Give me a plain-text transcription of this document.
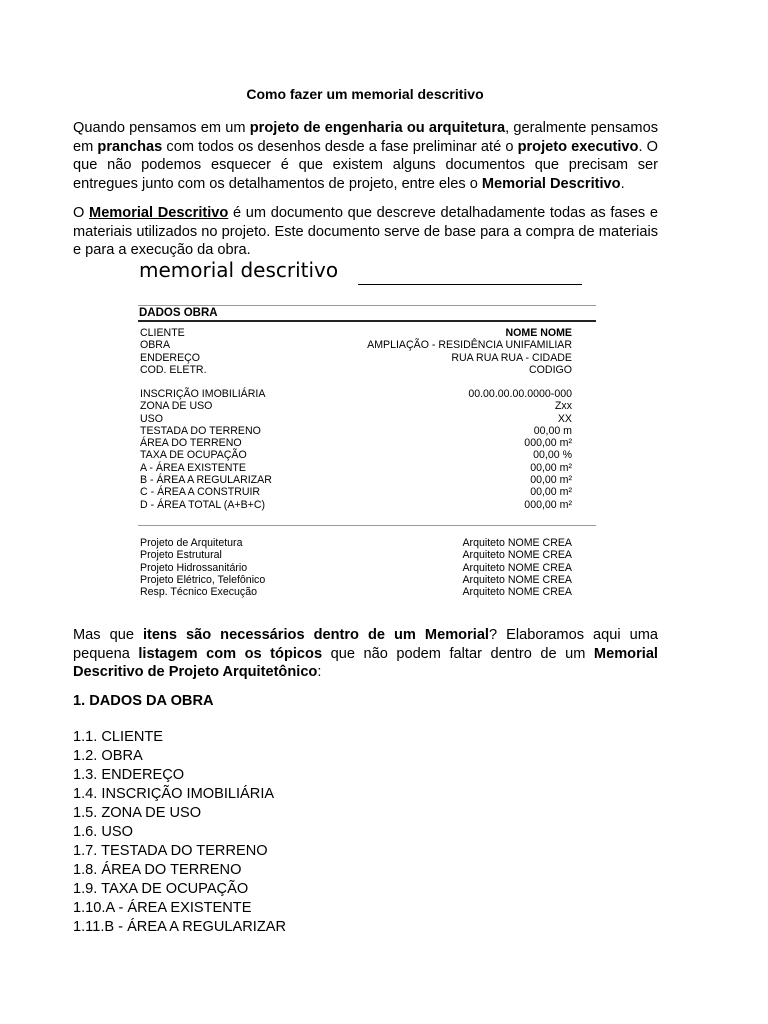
Como fazer um memorial descritivo
Quando pensamos em um projeto de engenharia ou arquitetura, geralmente pensamos em pranchas com todos os desenhos desde a fase preliminar até o projeto executivo. O que não podemos esquecer é que existem alguns documentos que precisam ser entregues junto com os detalhamentos de projeto, entre eles o Memorial Descritivo.
O Memorial Descritivo é um documento que descreve detalhadamente todas as fases e materiais utilizados no projeto. Este documento serve de base para a compra de materiais e para a execução da obra.
memorial descritivo
DADOS OBRA
CLIENTE	NOME NOME
OBRA	AMPLIAÇÃO - RESIDÊNCIA UNIFAMILIAR
ENDEREÇO	RUA RUA RUA - CIDADE
COD. ELETR.	CODIGO
INSCRIÇÃO IMOBILIÁRIA	00.00.00.00.0000-000
ZONA DE USO	Zxx
USO	XX
TESTADA DO TERRENO	00,00 m
ÁREA DO TERRENO	000,00 m²
TAXA DE OCUPAÇÃO	00,00 %
A - ÁREA EXISTENTE	00,00 m²
B - ÁREA A REGULARIZAR	00,00 m²
C - ÁREA A CONSTRUIR	00,00 m²
D - ÁREA TOTAL (A+B+C)	000,00 m²
Projeto de Arquitetura	Arquiteto NOME CREA
Projeto Estrutural	Arquiteto NOME CREA
Projeto Hidrossanitário	Arquiteto NOME CREA
Projeto Elétrico, Telefônico	Arquiteto NOME CREA
Resp. Técnico Execução	Arquiteto NOME CREA
Mas que itens são necessários dentro de um Memorial? Elaboramos aqui uma pequena listagem com os tópicos que não podem faltar dentro de um Memorial Descritivo de Projeto Arquitetônico:
1. DADOS DA OBRA
1.1. CLIENTE
1.2. OBRA
1.3. ENDEREÇO
1.4. INSCRIÇÃO IMOBILIÁRIA
1.5. ZONA DE USO
1.6. USO
1.7. TESTADA DO TERRENO
1.8. ÁREA DO TERRENO
1.9. TAXA DE OCUPAÇÃO
1.10.A - ÁREA EXISTENTE
1.11.B - ÁREA A REGULARIZAR
